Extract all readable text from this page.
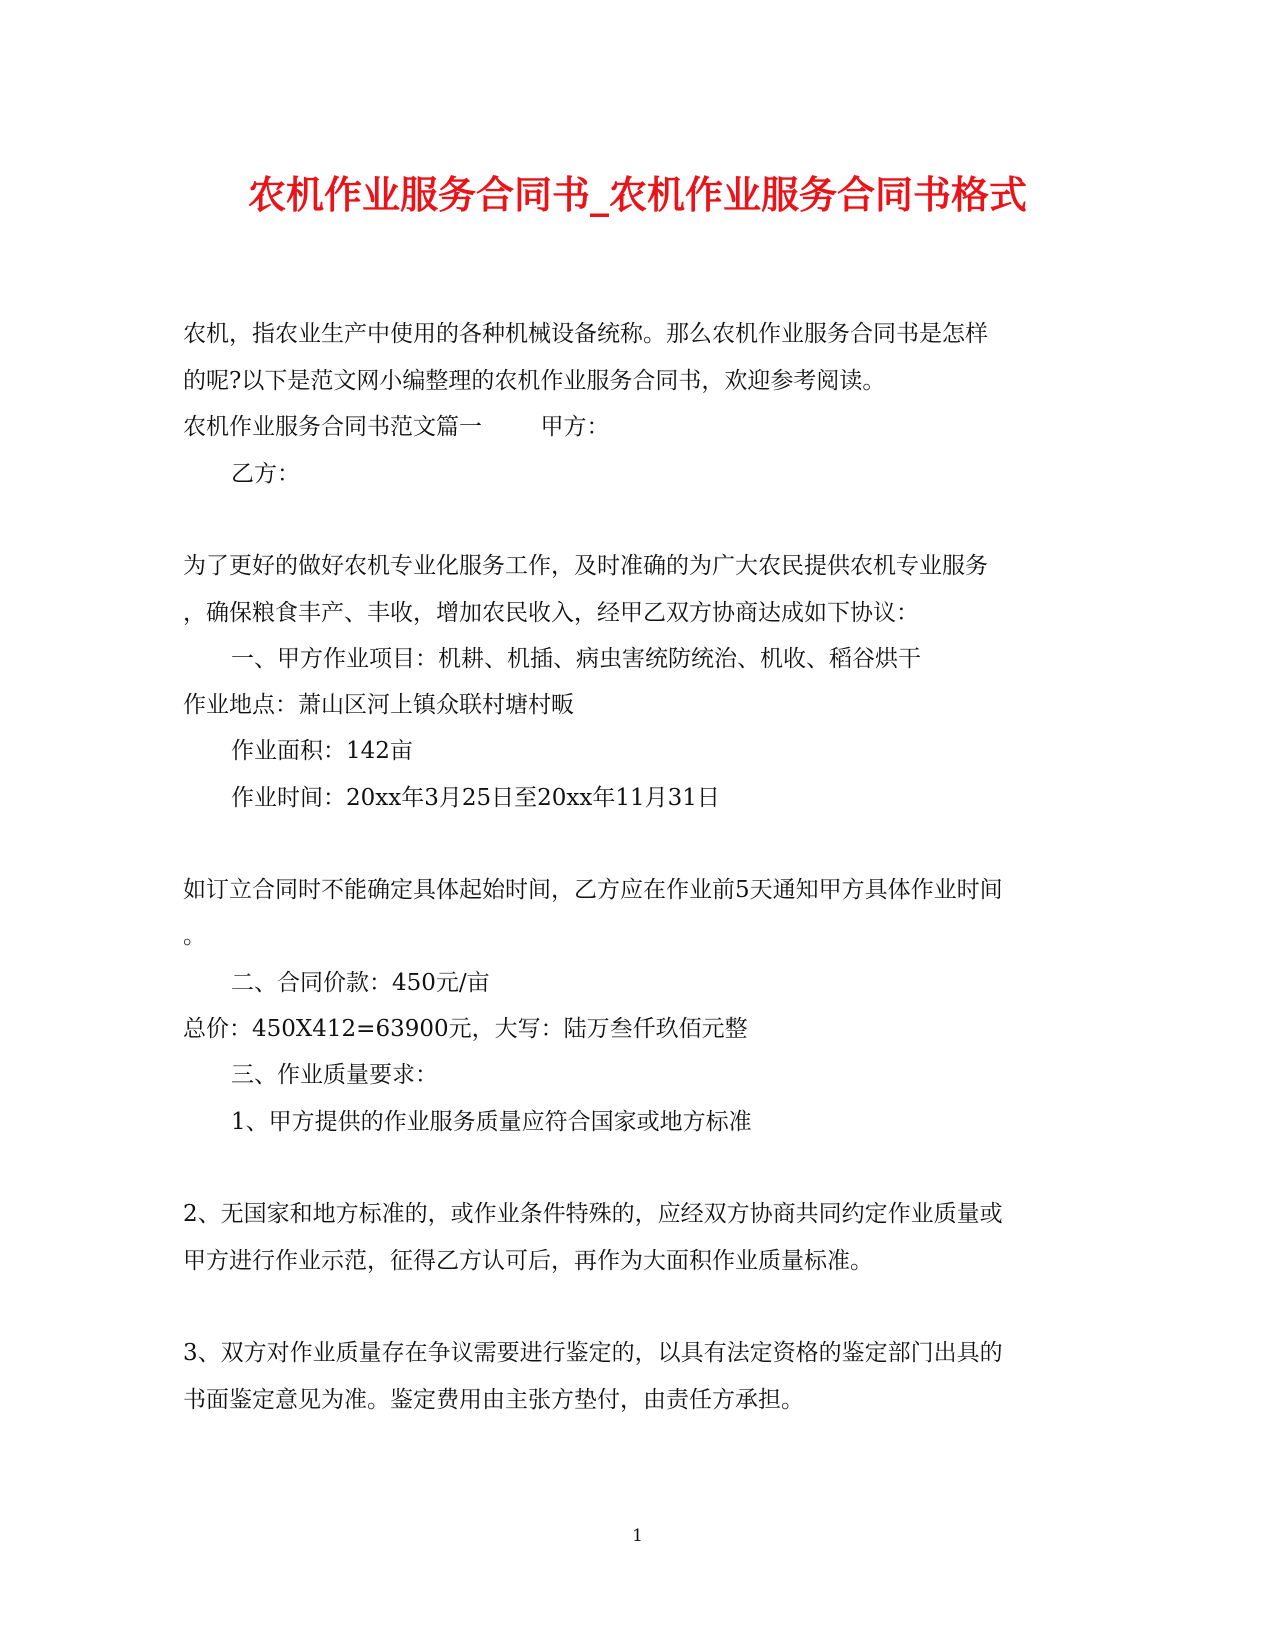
农机作业服务合同书_农机作业服务合同书格式
农机，指农业生产中使用的各种机械设备统称。那么农机作业服务合同书是怎样
的呢?以下是范文网小编整理的农机作业服务合同书，欢迎参考阅读。
农机作业服务合同书范文篇一        甲方：
乙方：
为了更好的做好农机专业化服务工作，及时准确的为广大农民提供农机专业服务
，确保粮食丰产、丰收，增加农民收入，经甲乙双方协商达成如下协议：
一、甲方作业项目：机耕、机插、病虫害统防统治、机收、稻谷烘干
作业地点：萧山区河上镇众联村塘村畈
作业面积：142亩
作业时间：20xx年3月25日至20xx年11月31日
如订立合同时不能确定具体起始时间，乙方应在作业前5天通知甲方具体作业时间
。
二、合同价款：450元/亩
总价：450X412=63900元，大写：陆万叁仟玖佰元整
三、作业质量要求：
1、甲方提供的作业服务质量应符合国家或地方标准
2、无国家和地方标准的，或作业条件特殊的，应经双方协商共同约定作业质量或
甲方进行作业示范，征得乙方认可后，再作为大面积作业质量标准。
3、双方对作业质量存在争议需要进行鉴定的，以具有法定资格的鉴定部门出具的
书面鉴定意见为准。鉴定费用由主张方垫付，由责任方承担。
1
